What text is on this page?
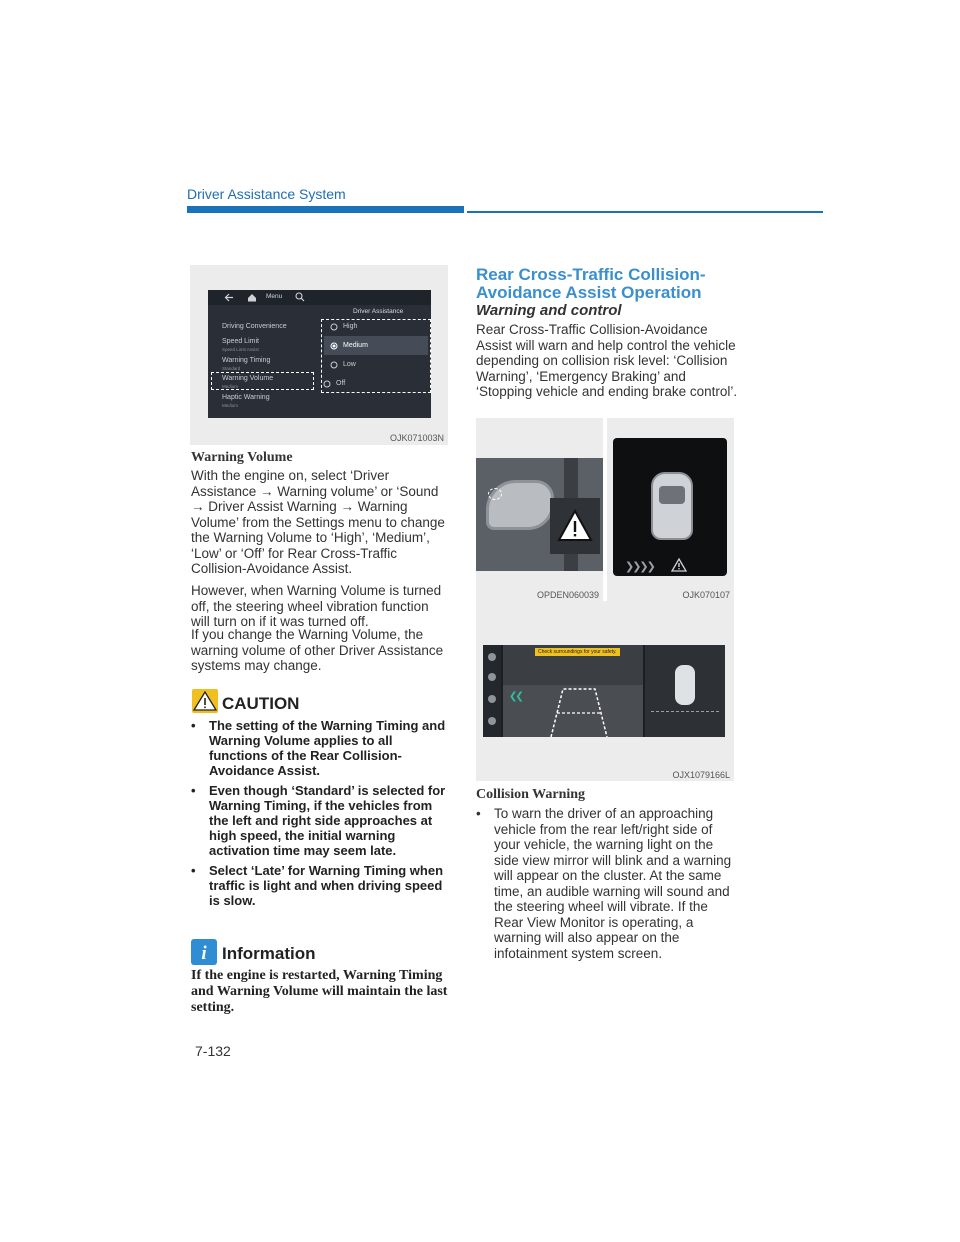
Driver Assistance System
Menu
Driver Assistance
Driving Convenience
Speed Limit
Speed Limit Assist
Warning Timing
Standard
Warning Volume
Medium
Haptic Warning
Medium
High
Medium
Low
Off
OJK071003N
Warning Volume

With the engine on, select ‘Driver Assistance → Warning volume’ or ‘Sound → Driver Assist Warning → Warning Volume’ from the Settings menu to change the Warning Volume to ‘High’, ‘Medium’, ‘Low’ or ‘Off’ for Rear Cross-Traffic Collision-Avoidance Assist.

However, when Warning Volume is turned off, the steering wheel vibration function will turn on if it was turned off.

If you change the Warning Volume, the warning volume of other Driver Assistance systems may change.

CAUTION
• The setting of the Warning Timing and Warning Volume applies to all functions of the Rear Collision-Avoidance Assist.
• Even though ‘Standard’ is selected for Warning Timing, if the vehicles from the left and right side approaches at high speed, the initial warning activation time may seem late.
• Select ‘Late’ for Warning Timing when traffic is light and when driving speed is slow.
i Information
If the engine is restarted, Warning Timing and Warning Volume will maintain the last setting.
7-132
Rear Cross-Traffic Collision-
Avoidance Assist Operation
Warning and control

Rear Cross-Traffic Collision-Avoidance Assist will warn and help control the vehicle depending on collision risk level: ‘Collision Warning’, ‘Emergency Braking’ and ‘Stopping vehicle and ending brake control’.

OPDEN060039
❯❯❯❯
OJK070107
Check surroundings for your safety.
❮❮
OJX1079166L
Collision Warning
• To warn the driver of an approaching vehicle from the rear left/right side of your vehicle, the warning light on the side view mirror will blink and a warning will appear on the cluster. At the same time, an audible warning will sound and the steering wheel will vibrate. If the Rear View Monitor is operating, a warning will also appear on the infotainment system screen.
